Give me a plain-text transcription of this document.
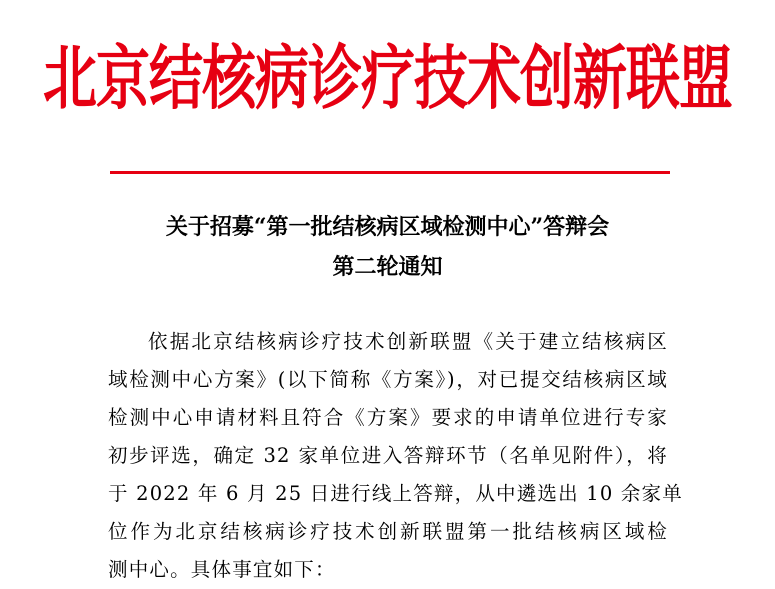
北京结核病诊疗技术创新联盟
关于招募“第一批结核病区域检测中心”答辩会
第二轮通知
依据北京结核病诊疗技术创新联盟《关于建立结核病区
域检测中心方案》(以下简称《方案》)，对已提交结核病区域
检测中心申请材料且符合《方案》要求的申请单位进行专家
初步评选，确定 32 家单位进入答辩环节（名单见附件），将
于 2022 年 6 月 25 日进行线上答辩，从中遴选出 10 余家单
位作为北京结核病诊疗技术创新联盟第一批结核病区域检
测中心。具体事宜如下：
